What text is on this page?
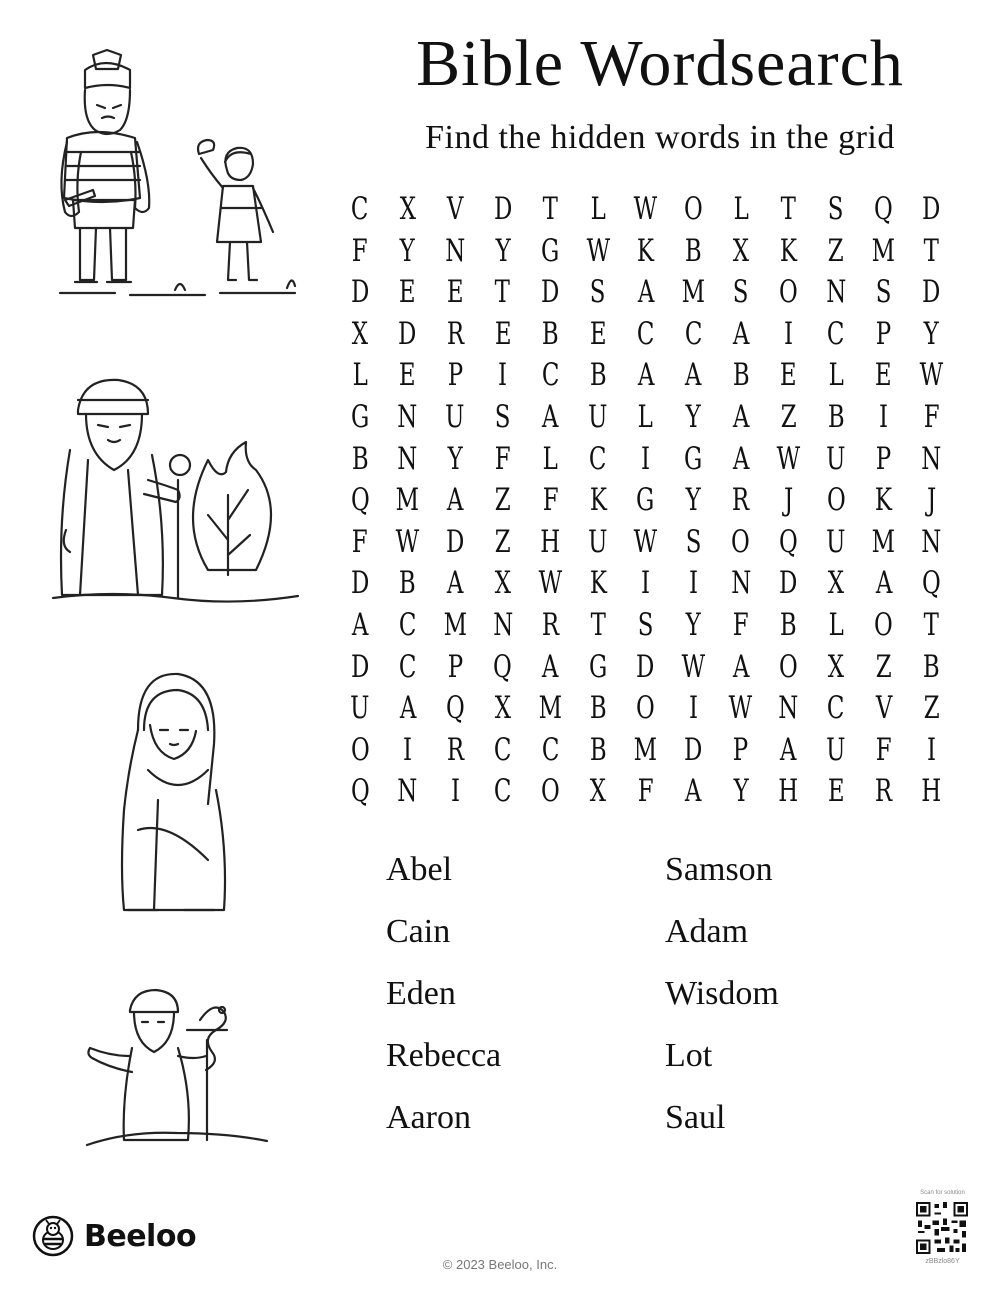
Bible Wordsearch
Find the hidden words in the grid
C X	V D T	L W O L	T	S Q D
F	Y N Y G W K B	X K	Z M T
D E E	T D S	A M S O N S D
X D R E B E C C A	I	C	P	Y
L	E	P	I	C B A	A B E	L	E W
G N U S	A U L	Y	A	Z	B	I	F
B N Y	F	L	C	I	G A W U P N
Q M A	Z	F	K G Y	R	J	O K	J
F W D Z H U W S O Q U M N
D B A	X W K	I	I	N D X	A Q
A C M N R	T	S	Y	F	B	L O T
D C	P Q A G D W A O X	Z	B
U A Q X M B O	I	W N C V	Z
O	I	R C C B M D P	A U F	I
Q N	I	C O X	F	A	Y H E R H
Abel
Cain
Eden
Rebecca
Aaron
Samson
Adam
Wisdom
Lot
Saul
Beeloo
© 2023 Beeloo, Inc.
Scan for solution
zBBzlo86Y
